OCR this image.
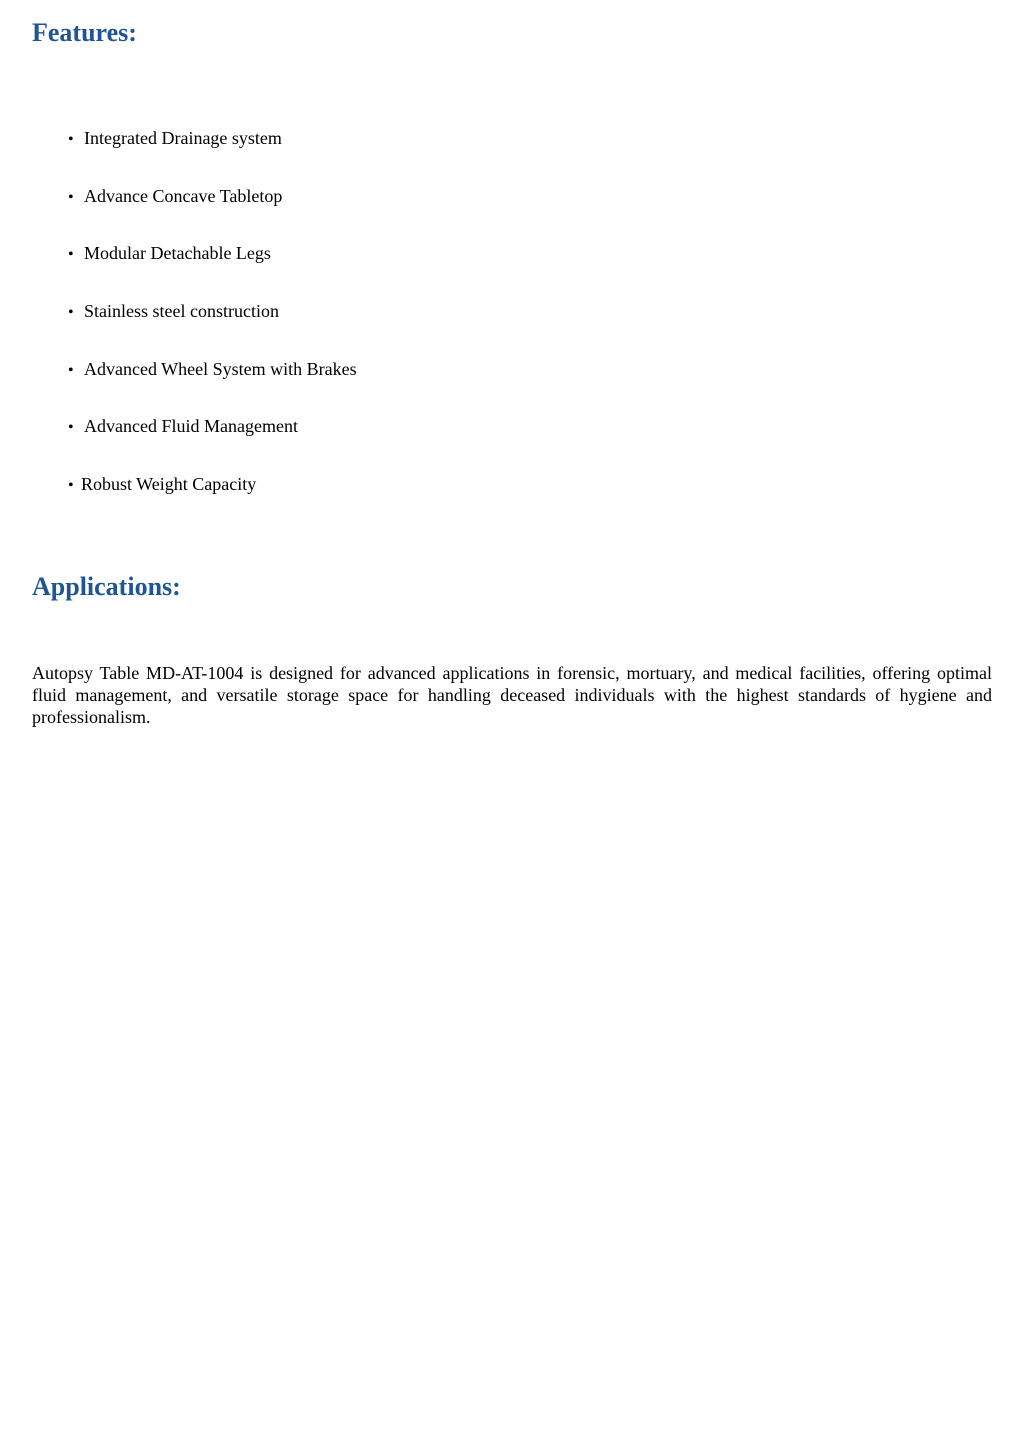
Features:
• Integrated Drainage system
• Advance Concave Tabletop
• Modular Detachable Legs
• Stainless steel construction
• Advanced Wheel System with Brakes
• Advanced Fluid Management
• Robust Weight Capacity
Applications:

Autopsy Table MD-AT-1004 is designed for advanced applications in forensic, mortuary, and medical facilities, offering optimal fluid management, and versatile storage space for handling deceased individuals with the highest standards of hygiene and professionalism.
